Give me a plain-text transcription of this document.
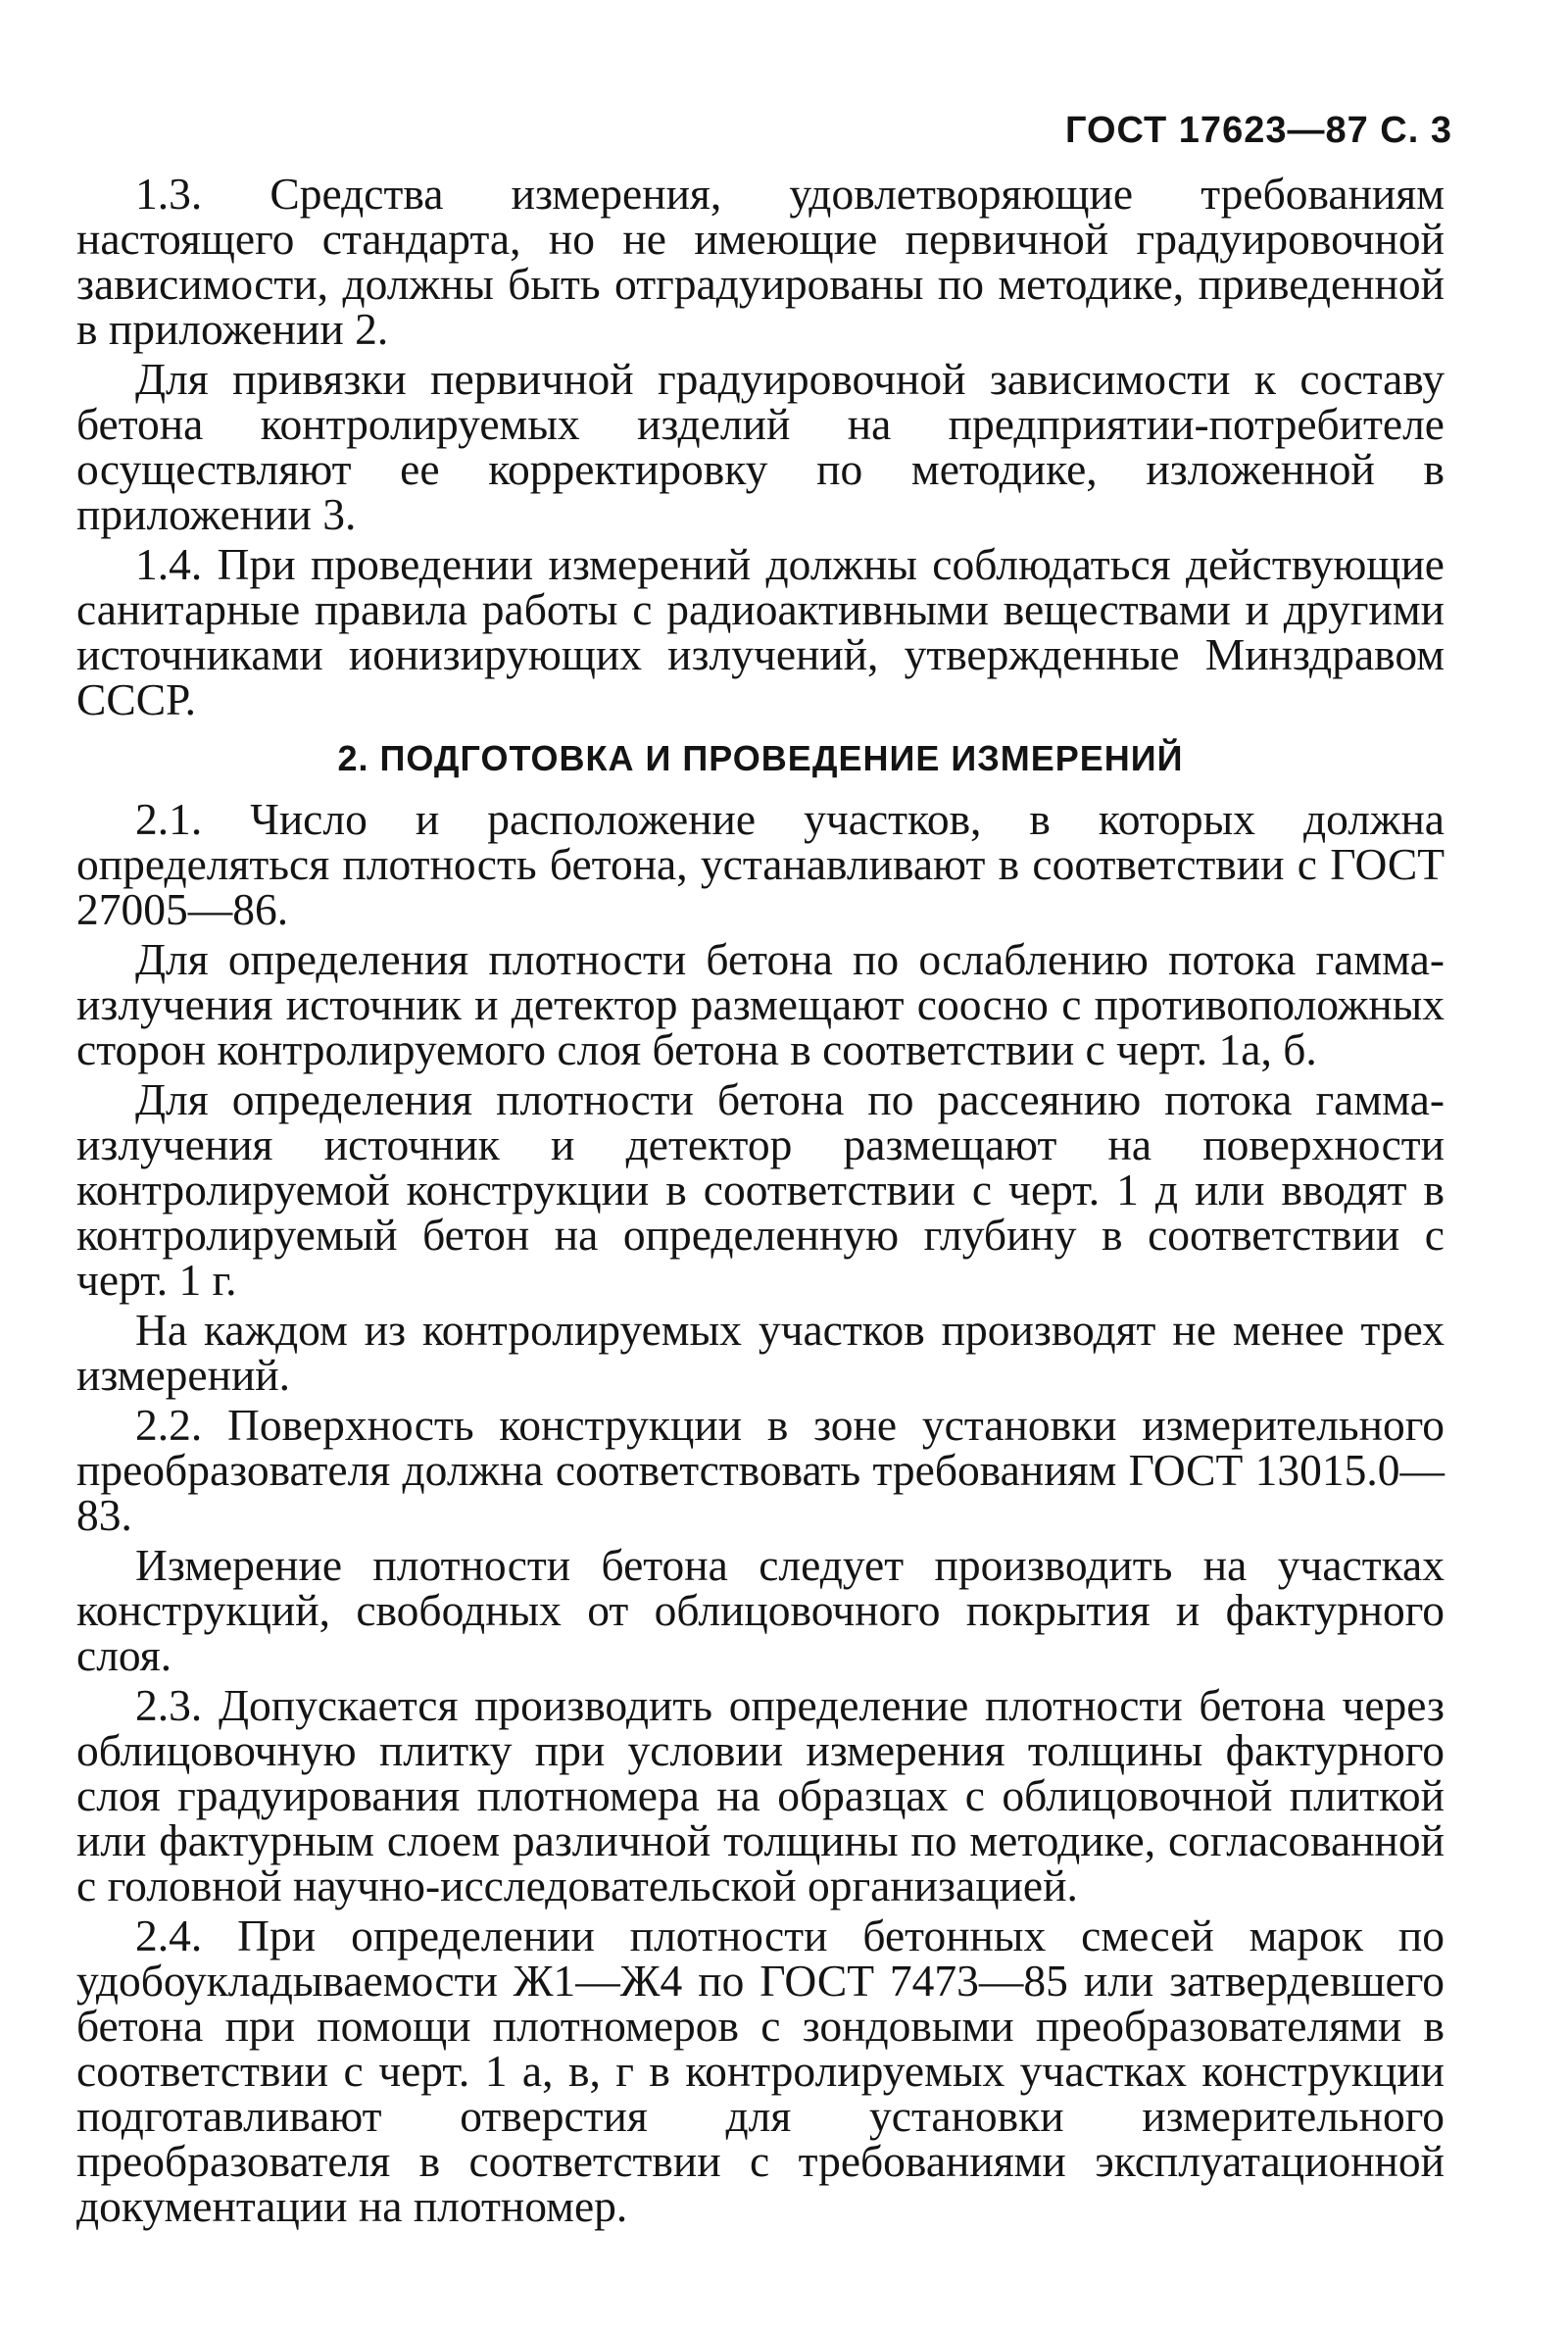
ГОСТ 17623—87 С. 3

1.3. Средства измерения, удовлетворяющие требованиям настоящего стандарта, но не имеющие первичной градуировочной зависимости, должны быть отградуированы по методике, приведенной в приложении 2.

Для привязки первичной градуировочной зависимости к составу бетона контролируемых изделий на предприятии-потребителе осуществляют ее корректировку по методике, изложенной в приложении 3.

1.4. При проведении измерений должны соблюдаться действующие санитарные правила работы с радиоактивными веществами и другими источниками ионизирующих излучений, утвержденные Минздравом СССР.

2. ПОДГОТОВКА И ПРОВЕДЕНИЕ ИЗМЕРЕНИЙ

2.1. Число и расположение участков, в которых должна определяться плотность бетона, устанавливают в соответствии с ГОСТ 27005—86.

Для определения плотности бетона по ослаблению потока гамма-излучения источник и детектор размещают соосно с противоположных сторон контролируемого слоя бетона в соответствии с черт. 1а, б.

Для определения плотности бетона по рассеянию потока гамма-излучения источник и детектор размещают на поверхности контролируемой конструкции в соответствии с черт. 1 д или вводят в контролируемый бетон на определенную глубину в соответствии с черт. 1 г.

На каждом из контролируемых участков производят не менее трех измерений.

2.2. Поверхность конструкции в зоне установки измерительного преобразователя должна соответствовать требованиям ГОСТ 13015.0—83.

Измерение плотности бетона следует производить на участках конструкций, свободных от облицовочного покрытия и фактурного слоя.

2.3. Допускается производить определение плотности бетона через облицовочную плитку при условии измерения толщины фактурного слоя градуирования плотномера на образцах с облицовочной плиткой или фактурным слоем различной толщины по методике, согласованной с головной научно-исследовательской организацией.

2.4. При определении плотности бетонных смесей марок по удобоукладываемости Ж1—Ж4 по ГОСТ 7473—85 или затвердевшего бетона при помощи плотномеров с зондовыми преобразователями в соответствии с черт. 1 а, в, г в контролируемых участках конструкции подготавливают отверстия для установки измерительного преобразователя в соответствии с требованиями эксплуатационной документации на плотномер.
